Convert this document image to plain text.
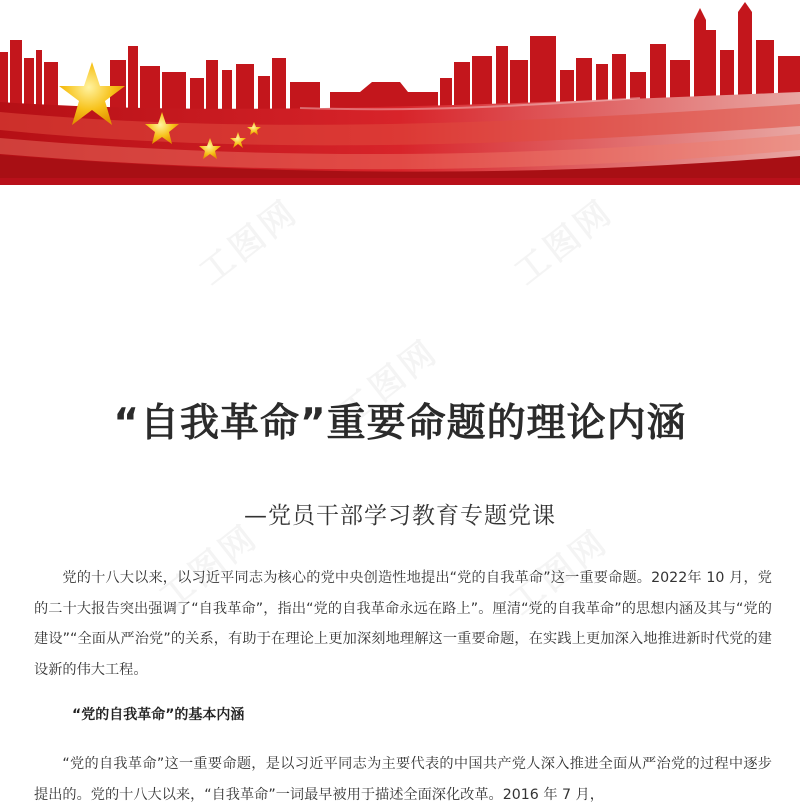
“自我革命”重要命题的理论内涵
—党员干部学习教育专题党课
党的十八大以来，以习近平同志为核心的党中央创造性地提出“党的自我革命”这一重要命题。2022年 10 月，党的二十大报告突出强调了“自我革命”，指出“党的自我革命永远在路上”。厘清“党的自我革命”的思想内涵及其与“党的建设”“全面从严治党”的关系，有助于在理论上更加深刻地理解这一重要命题，在实践上更加深入地推进新时代党的建设新的伟大工程。
“党的自我革命”的基本内涵
“党的自我革命”这一重要命题，是以习近平同志为主要代表的中国共产党人深入推进全面从严治党的过程中逐步提出的。党的十八大以来，“自我革命”一词最早被用于描述全面深化改革。2016 年 7 月，
